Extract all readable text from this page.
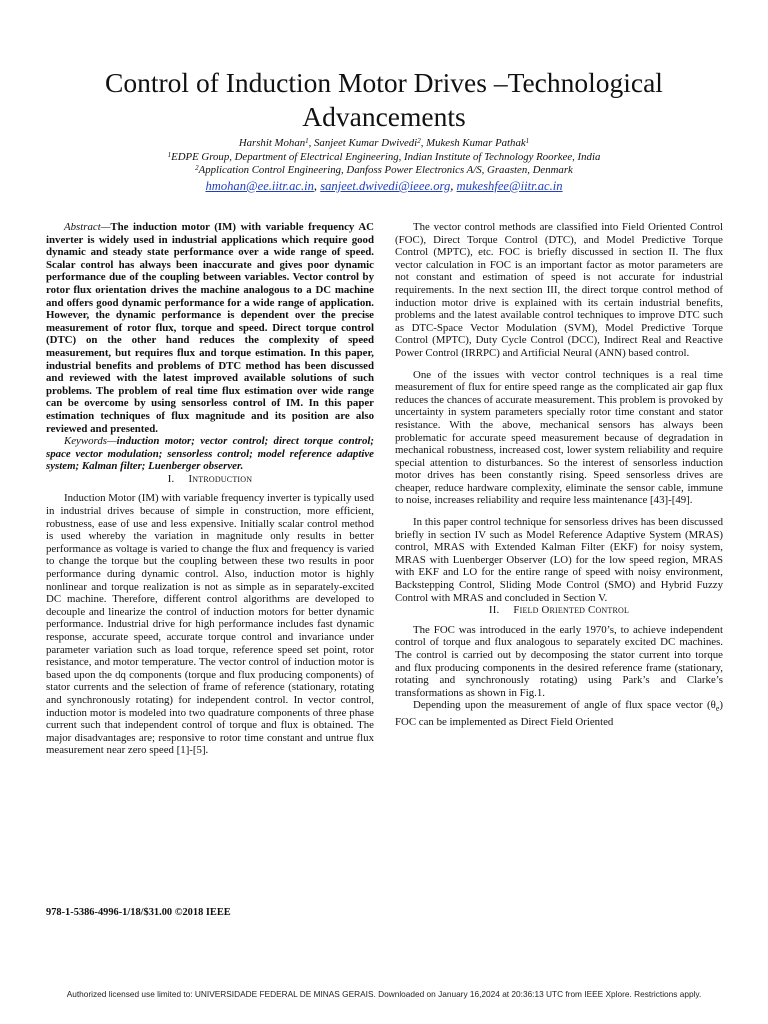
Control of Induction Motor Drives –Technological Advancements
Harshit Mohan$^1$, Sanjeet Kumar Dwivedi$^2$, Mukesh Kumar Pathak$^1$
$^1$EDPE Group, Department of Electrical Engineering, Indian Institute of Technology Roorkee, India
$^2$Application Control Engineering, Danfoss Power Electronics A/S, Graasten, Denmark
hmohan@ee.iitr.ac.in, sanjeet.dwivedi@ieee.org, mukeshfee@iitr.ac.in

Abstract—The induction motor (IM) with variable frequency AC inverter is widely used in industrial applications which require good dynamic and steady state performance over a wide range of speed. Scalar control has always been inaccurate and gives poor dynamic performance due of the coupling between variables. Vector control by rotor flux orientation drives the machine analogous to a DC machine and offers good dynamic performance for a wide range of application. However, the dynamic performance is dependent over the precise measurement of rotor flux, torque and speed. Direct torque control (DTC) on the other hand reduces the complexity of speed measurement, but requires flux and torque estimation. In this paper, industrial benefits and problems of DTC method has been discussed and reviewed with the latest improved available solutions of such problems. The problem of real time flux estimation over wide range can be overcome by using sensorless control of IM. In this paper estimation techniques of flux magnitude and its position are also reviewed and presented.

Keywords—induction motor; vector control; direct torque control; space vector modulation; sensorless control; model reference adaptive system; Kalman filter; Luenberger observer.

I. Introduction

Induction Motor (IM) with variable frequency inverter is typically used in industrial drives because of simple in construction, more efficient, robustness, ease of use and less expensive. Initially scalar control method is used whereby the variation in magnitude only results in better performance as voltage is varied to change the flux and frequency is varied to change the torque but the coupling between these two results in poor performance during dynamic control. Also, induction motor is highly nonlinear and torque realization is not as simple as in separately-excited DC machine. Therefore, different control algorithms are developed to decouple and linearize the control of induction motors for better dynamic performance. Industrial drive for high performance includes fast dynamic response, accurate speed, accurate torque control and invariance under parameter variation such as load torque, reference speed set point, rotor resistance, and motor temperature. The vector control of induction motor is based upon the dq components (torque and flux producing components) of stator currents and the selection of frame of reference (stationary, rotating and synchronously rotating) for independent control. In vector control, induction motor is modeled into two quadrature components of three phase current such that independent control of torque and flux is obtained. The major disadvantages are; responsive to rotor time constant and untrue flux measurement near zero speed [1]-[5].

The vector control methods are classified into Field Oriented Control (FOC), Direct Torque Control (DTC), and Model Predictive Torque Control (MPTC), etc. FOC is briefly discussed in section II. The flux vector calculation in FOC is an important factor as motor parameters are not constant and estimation of speed is not accurate for industrial requirements. In the next section III, the direct torque control method of induction motor drive is explained with its certain industrial benefits, problems and the latest available control techniques to improve DTC such as DTC-Space Vector Modulation (SVM), Model Predictive Torque Control (MPTC), Duty Cycle Control (DCC), Indirect Real and Reactive Power Control (IRRPC) and Artificial Neural (ANN) based control.

One of the issues with vector control techniques is a real time measurement of flux for entire speed range as the complicated air gap flux reduces the chances of accurate measurement. This problem is provoked by uncertainty in system parameters specially rotor time constant and stator resistance. With the above, mechanical sensors has always been problematic for accurate speed measurement because of degradation in mechanical robustness, increased cost, lower system reliability and require special attention to disturbances. So the interest of sensorless induction motor drives has been constantly rising. Speed sensorless drives are cheaper, reduce hardware complexity, eliminate the sensor cable, immune to noise, increases reliability and require less maintenance [43]-[49].

In this paper control technique for sensorless drives has been discussed briefly in section IV such as Model Reference Adaptive System (MRAS) control, MRAS with Extended Kalman Filter (EKF) for noisy system, MRAS with Luenberger Observer (LO) for the low speed region, MRAS with EKF and LO for the entire range of speed with noisy environment, Backstepping Control, Sliding Mode Control (SMO) and Hybrid Fuzzy Control with MRAS and concluded in Section V.

II. Field Oriented Control

The FOC was introduced in the early 1970’s, to achieve independent control of torque and flux analogous to separately excited DC machines. The control is carried out by decomposing the stator current into torque and flux producing components in the desired reference frame (stationary, rotating and synchronously rotating) using Park’s and Clarke’s transformations as shown in Fig.1.

Depending upon the measurement of angle of flux space vector $(\theta_e)$ FOC can be implemented as Direct Field Oriented

978-1-5386-4996-1/18/$31.00 ©2018 IEEE
Authorized licensed use limited to: UNIVERSIDADE FEDERAL DE MINAS GERAIS. Downloaded on January 16,2024 at 20:36:13 UTC from IEEE Xplore. Restrictions apply.
